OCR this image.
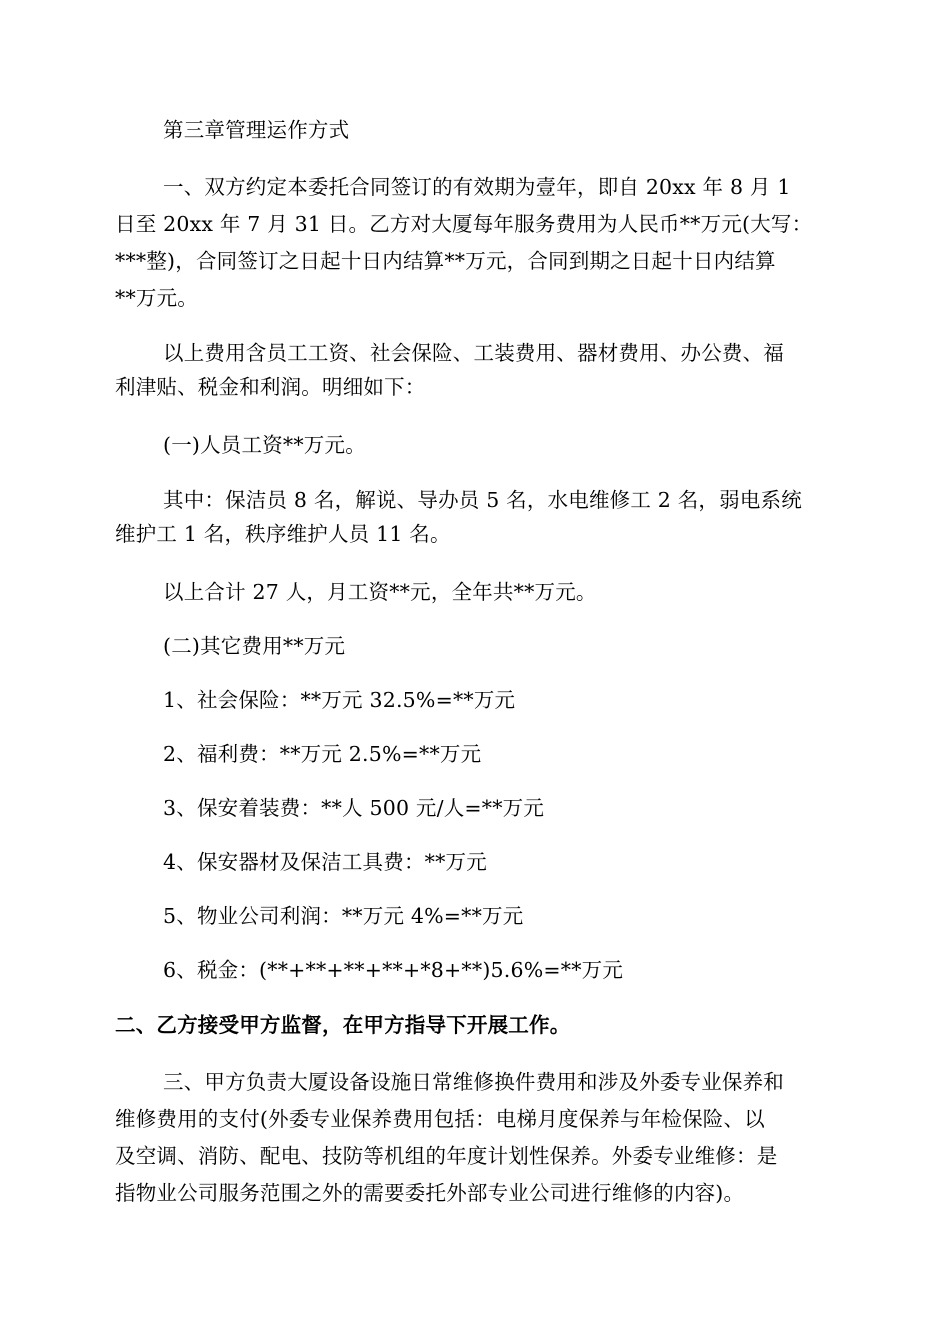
第三章管理运作方式

一、双方约定本委托合同签订的有效期为壹年，即自 20xx 年 8 月 1
日至 20xx 年 7 月 31 日。乙方对大厦每年服务费用为人民币**万元(大写：
***整)，合同签订之日起十日内结算**万元，合同到期之日起十日内结算
**万元。

以上费用含员工工资、社会保险、工装费用、器材费用、办公费、福
利津贴、税金和利润。明细如下：

(一)人员工资**万元。

其中：保洁员 8 名，解说、导办员 5 名，水电维修工 2 名，弱电系统
维护工 1 名，秩序维护人员 11 名。

以上合计 27 人，月工资**元，全年共**万元。

(二)其它费用**万元

1、社会保险：**万元 32.5%=**万元

2、福利费：**万元 2.5%=**万元

3、保安着装费：**人 500 元/人=**万元

4、保安器材及保洁工具费：**万元

5、物业公司利润：**万元 4%=**万元

6、税金：(**+**+**+**+*8+**)5.6%=**万元

二、乙方接受甲方监督，在甲方指导下开展工作。

三、甲方负责大厦设备设施日常维修换件费用和涉及外委专业保养和
维修费用的支付(外委专业保养费用包括：电梯月度保养与年检保险、以
及空调、消防、配电、技防等机组的年度计划性保养。外委专业维修：是
指物业公司服务范围之外的需要委托外部专业公司进行维修的内容)。
